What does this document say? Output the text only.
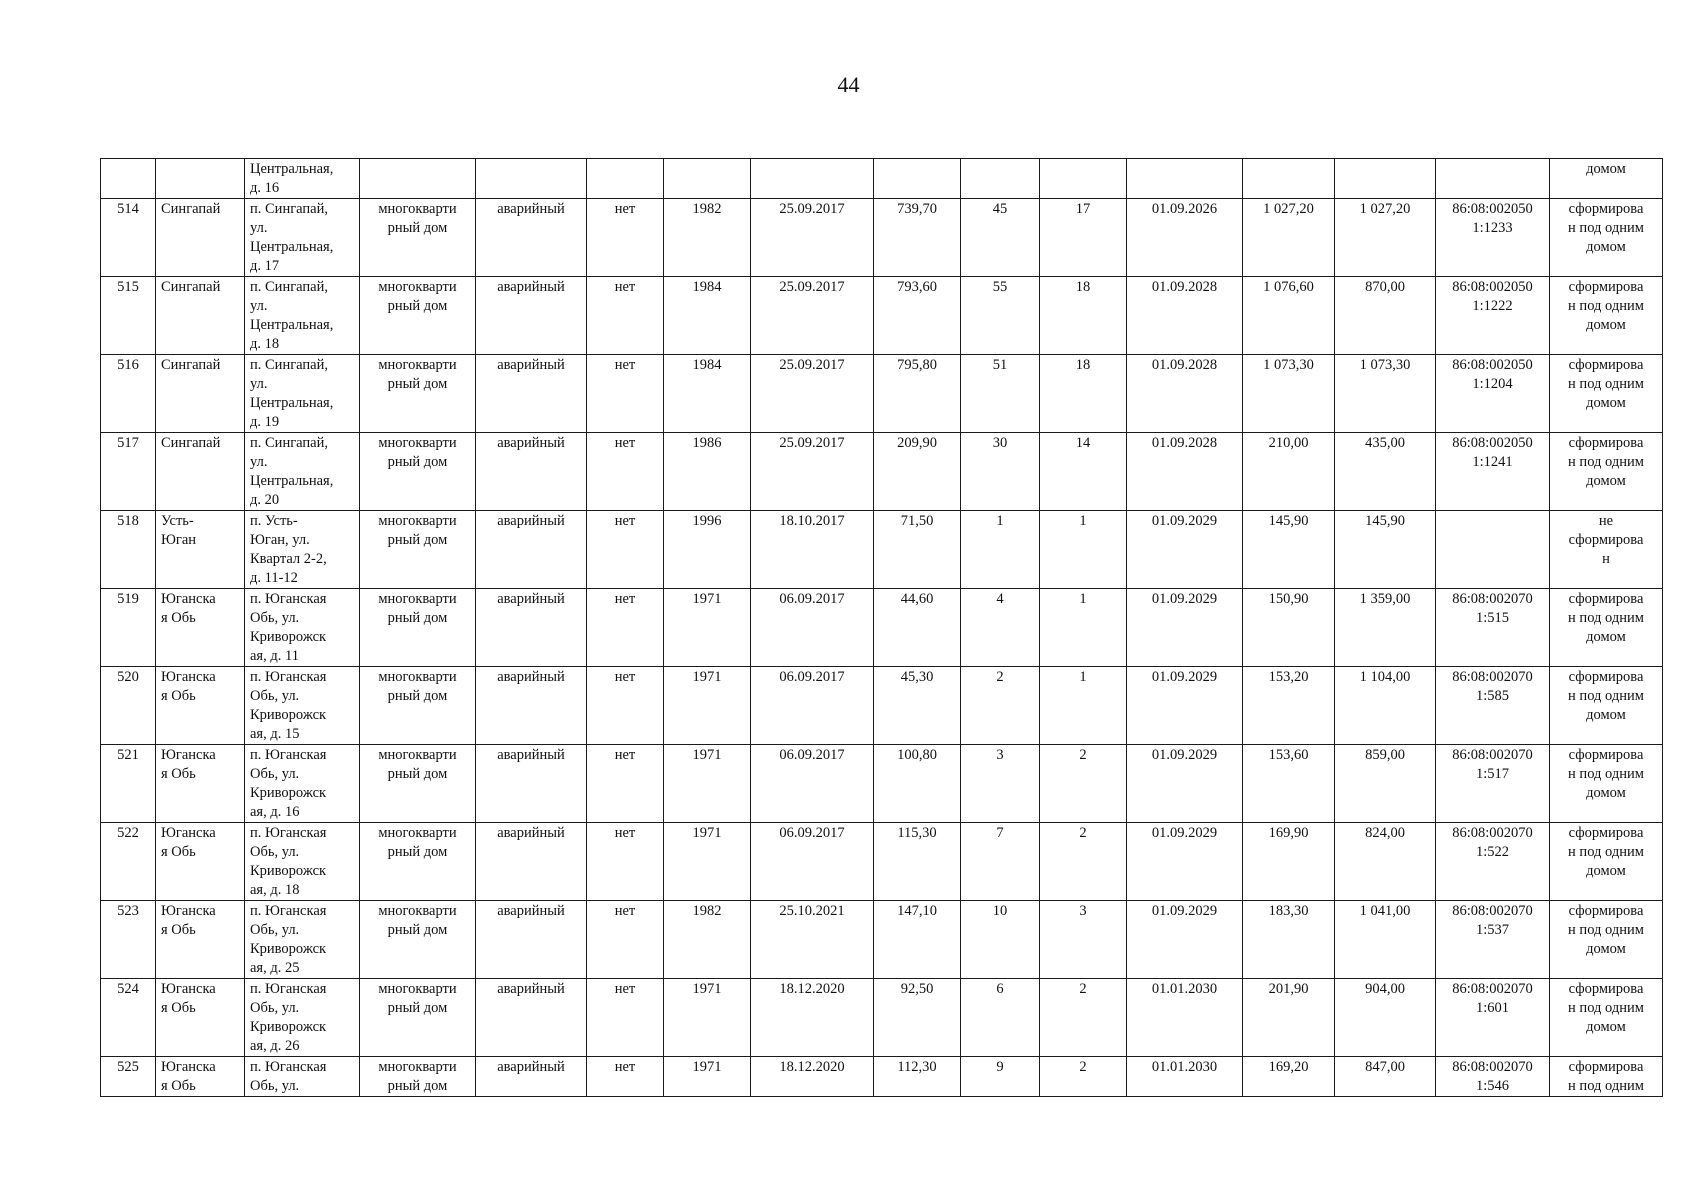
44

		Центральная,
д. 16													домом

514	Сингапай	п. Сингапай,
ул.
Центральная,
д. 17	многокварти
рный дом	аварийный	нет	1982	25.09.2017	739,70	45	17	01.09.2026	1 027,20	1 027,20	86:08:002050
1:1233	сформирова
н под одним
домом

515	Сингапай	п. Сингапай,
ул.
Центральная,
д. 18	многокварти
рный дом	аварийный	нет	1984	25.09.2017	793,60	55	18	01.09.2028	1 076,60	870,00	86:08:002050
1:1222	сформирова
н под одним
домом

516	Сингапай	п. Сингапай,
ул.
Центральная,
д. 19	многокварти
рный дом	аварийный	нет	1984	25.09.2017	795,80	51	18	01.09.2028	1 073,30	1 073,30	86:08:002050
1:1204	сформирова
н под одним
домом

517	Сингапай	п. Сингапай,
ул.
Центральная,
д. 20	многокварти
рный дом	аварийный	нет	1986	25.09.2017	209,90	30	14	01.09.2028	210,00	435,00	86:08:002050
1:1241	сформирова
н под одним
домом

518	Усть-
Юган	п. Усть-
Юган, ул.
Квартал 2-2,
д. 11-12	многокварти
рный дом	аварийный	нет	1996	18.10.2017	71,50	1	1	01.09.2029	145,90	145,90		не
сформирова
н

519	Юганска
я Обь	п. Юганская
Обь, ул.
Криворожск
ая, д. 11	многокварти
рный дом	аварийный	нет	1971	06.09.2017	44,60	4	1	01.09.2029	150,90	1 359,00	86:08:002070
1:515	сформирова
н под одним
домом

520	Юганска
я Обь	п. Юганская
Обь, ул.
Криворожск
ая, д. 15	многокварти
рный дом	аварийный	нет	1971	06.09.2017	45,30	2	1	01.09.2029	153,20	1 104,00	86:08:002070
1:585	сформирова
н под одним
домом

521	Юганска
я Обь	п. Юганская
Обь, ул.
Криворожск
ая, д. 16	многокварти
рный дом	аварийный	нет	1971	06.09.2017	100,80	3	2	01.09.2029	153,60	859,00	86:08:002070
1:517	сформирова
н под одним
домом

522	Юганска
я Обь	п. Юганская
Обь, ул.
Криворожск
ая, д. 18	многокварти
рный дом	аварийный	нет	1971	06.09.2017	115,30	7	2	01.09.2029	169,90	824,00	86:08:002070
1:522	сформирова
н под одним
домом

523	Юганска
я Обь	п. Юганская
Обь, ул.
Криворожск
ая, д. 25	многокварти
рный дом	аварийный	нет	1982	25.10.2021	147,10	10	3	01.09.2029	183,30	1 041,00	86:08:002070
1:537	сформирова
н под одним
домом

524	Юганска
я Обь	п. Юганская
Обь, ул.
Криворожск
ая, д. 26	многокварти
рный дом	аварийный	нет	1971	18.12.2020	92,50	6	2	01.01.2030	201,90	904,00	86:08:002070
1:601	сформирова
н под одним
домом

525	Юганска
я Обь	п. Юганская
Обь, ул.	многокварти
рный дом	аварийный	нет	1971	18.12.2020	112,30	9	2	01.01.2030	169,20	847,00	86:08:002070
1:546	сформирова
н под одним
